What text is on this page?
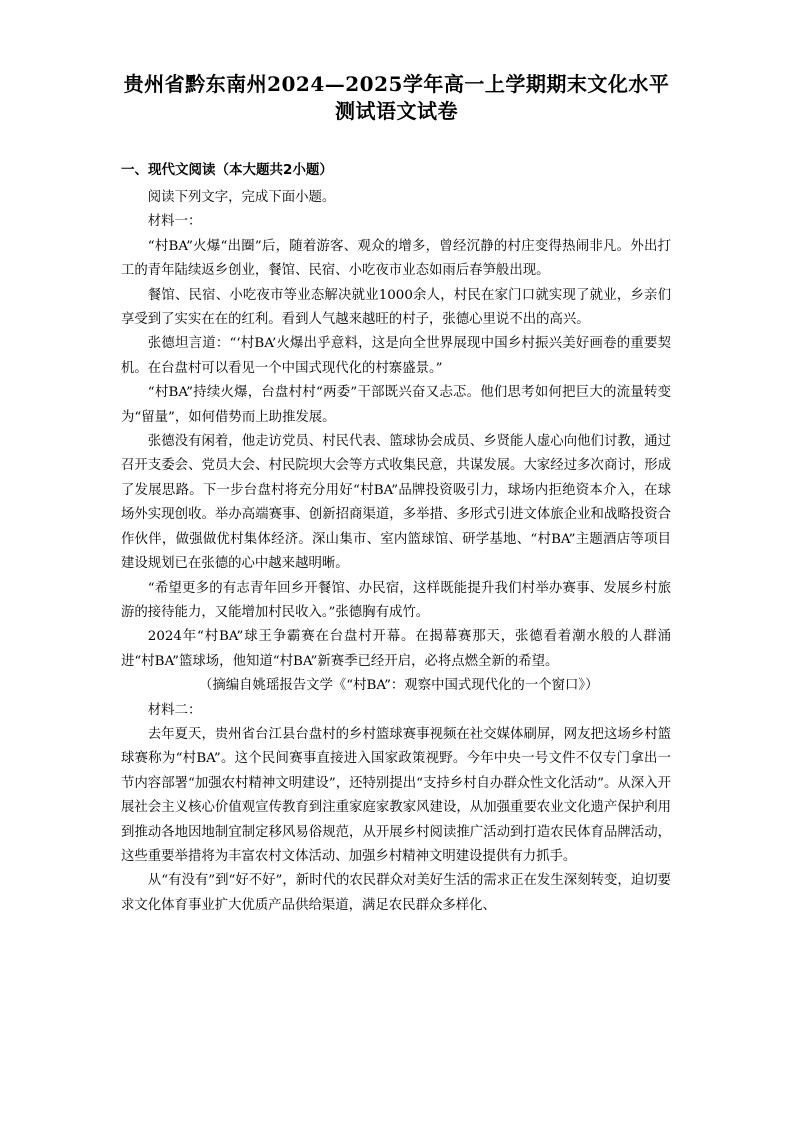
贵州省黔东南州2024—2025学年高一上学期期末文化水平
测试语文试卷
一、现代文阅读（本大题共2小题）

阅读下列文字，完成下面小题。

材料一：

“村BA”火爆“出圈”后，随着游客、观众的增多，曾经沉静的村庄变得热闹非凡。外出打工的青年陆续返乡创业，餐馆、民宿、小吃夜市业态如雨后春笋般出现。

餐馆、民宿、小吃夜市等业态解决就业1000余人，村民在家门口就实现了就业，乡亲们享受到了实实在在的红利。看到人气越来越旺的村子，张德心里说不出的高兴。

张德坦言道：“‘村BA’火爆出乎意料，这是向全世界展现中国乡村振兴美好画卷的重要契机。在台盘村可以看见一个中国式现代化的村寨盛景。”

“村BA”持续火爆，台盘村村“两委”干部既兴奋又忐忑。他们思考如何把巨大的流量转变为“留量”，如何借势而上助推发展。

张德没有闲着，他走访党员、村民代表、篮球协会成员、乡贤能人虚心向他们讨教，通过召开支委会、党员大会、村民院坝大会等方式收集民意，共谋发展。大家经过多次商讨，形成了发展思路。下一步台盘村将充分用好“村BA”品牌投资吸引力，球场内拒绝资本介入，在球场外实现创收。举办高端赛事、创新招商渠道，多举措、多形式引进文体旅企业和战略投资合作伙伴，做强做优村集体经济。深山集市、室内篮球馆、研学基地、“村BA”主题酒店等项目建设规划已在张德的心中越来越明晰。

“希望更多的有志青年回乡开餐馆、办民宿，这样既能提升我们村举办赛事、发展乡村旅游的接待能力，又能增加村民收入。”张德胸有成竹。

2024年“村BA”球王争霸赛在台盘村开幕。在揭幕赛那天，张德看着潮水般的人群涌进“村BA”篮球场，他知道“村BA”新赛季已经开启，必将点燃全新的希望。

（摘编自姚瑶报告文学《“村BA”：观察中国式现代化的一个窗口》）

材料二：

去年夏天，贵州省台江县台盘村的乡村篮球赛事视频在社交媒体刷屏，网友把这场乡村篮球赛称为“村BA”。这个民间赛事直接进入国家政策视野。今年中央一号文件不仅专门拿出一节内容部署“加强农村精神文明建设”，还特别提出“支持乡村自办群众性文化活动”。从深入开展社会主义核心价值观宣传教育到注重家庭家教家风建设，从加强重要农业文化遗产保护利用到推动各地因地制宜制定移风易俗规范，从开展乡村阅读推广活动到打造农民体育品牌活动，这些重要举措将为丰富农村文体活动、加强乡村精神文明建设提供有力抓手。

从“有没有”到“好不好”，新时代的农民群众对美好生活的需求正在发生深刻转变，迫切要求文化体育事业扩大优质产品供给渠道，满足农民群众多样化、
